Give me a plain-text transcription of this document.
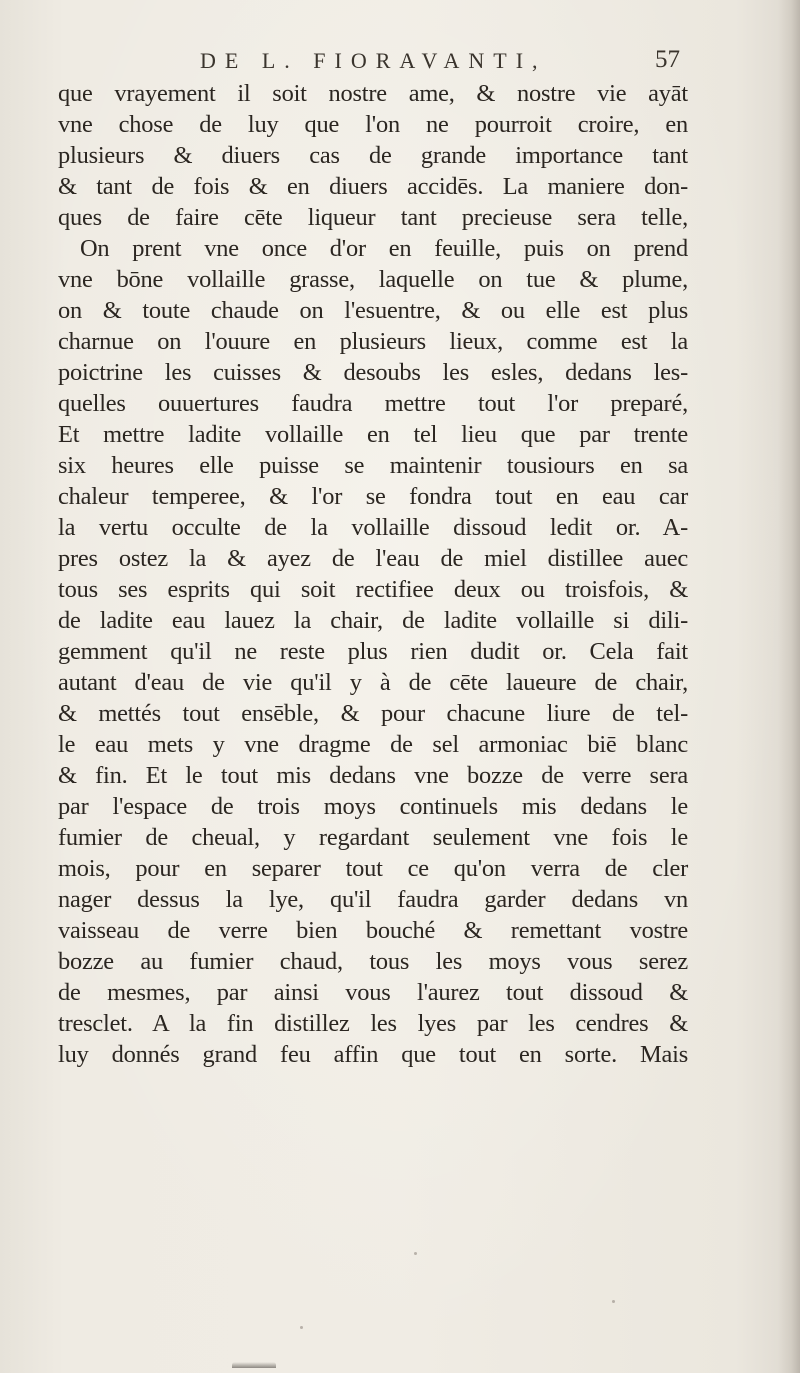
DE L. FIORAVANTI,	57
que vrayement il soit nostre ame, & nostre vie ayāt
vne chose de luy que l'on ne pourroit croire, en
plusieurs & diuers cas de grande importance tant
& tant de fois & en diuers accidēs. La maniere don-
ques de faire cēte liqueur tant precieuse sera telle,
On prent vne once d'or en feuille, puis on prend
vne bōne vollaille grasse, laquelle on tue & plume,
on & toute chaude on l'esuentre, & ou elle est plus
charnue on l'ouure en plusieurs lieux, comme est la
poictrine les cuisses & desoubs les esles, dedans les-
quelles ouuertures faudra mettre tout l'or preparé,
Et mettre ladite vollaille en tel lieu que par trente
six heures elle puisse se maintenir tousiours en sa
chaleur temperee, & l'or se fondra tout en eau car
la vertu occulte de la vollaille dissoud ledit or. A-
pres ostez la & ayez de l'eau de miel distillee auec
tous ses esprits qui soit rectifiee deux ou troisfois, &
de ladite eau lauez la chair, de ladite vollaille si dili-
gemment qu'il ne reste plus rien dudit or. Cela fait
autant d'eau de vie qu'il y à de cēte laueure de chair,
& mettés tout ensēble, & pour chacune liure de tel-
le eau mets y vne dragme de sel armoniac biē blanc
& fin. Et le tout mis dedans vne bozze de verre sera
par l'espace de trois moys continuels mis dedans le
fumier de cheual, y regardant seulement vne fois le
mois, pour en separer tout ce qu'on verra de cler
nager dessus la lye, qu'il faudra garder dedans vn
vaisseau de verre bien bouché & remettant vostre
bozze au fumier chaud, tous les moys vous serez
de mesmes, par ainsi vous l'aurez tout dissoud &
tresclet. A la fin distillez les lyes par les cendres &
luy donnés grand feu affin que tout en sorte. Mais
